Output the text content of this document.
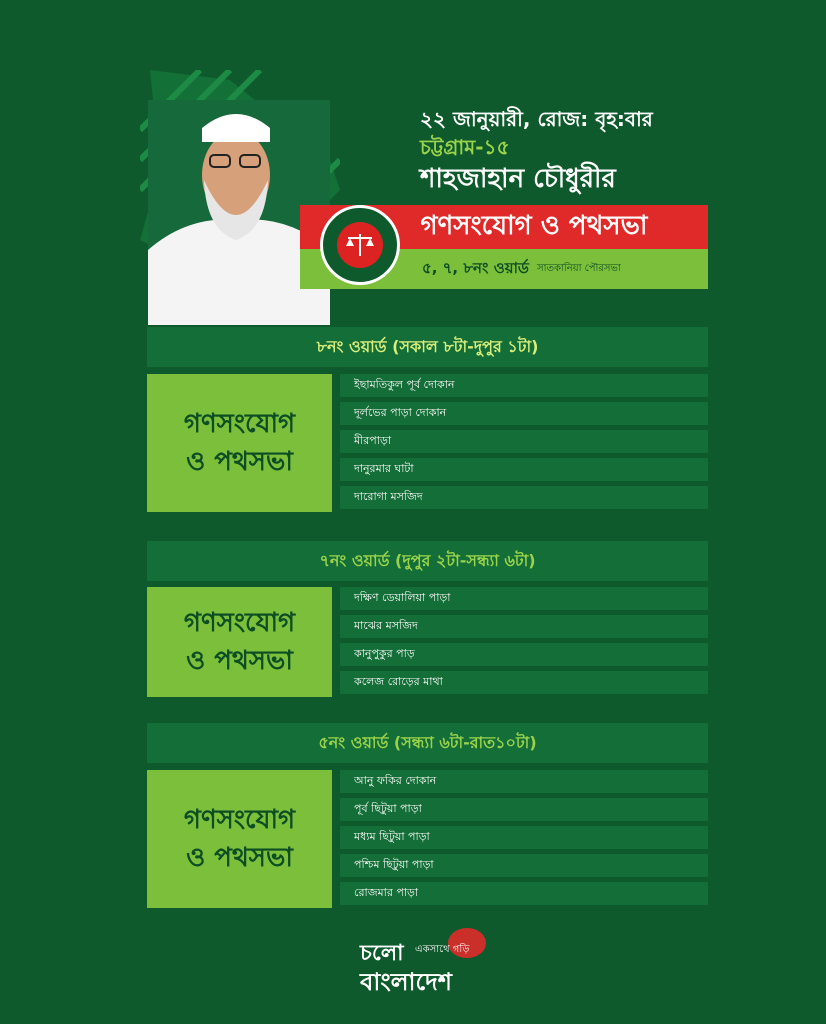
২২ জানুয়ারী, রোজ: বৃহ:বার

চট্টগ্রাম-১৫

শাহজাহান চৌধুরীর

গণসংযোগ ও পথসভা
৫, ৭, ৮নং ওয়ার্ড সাতকানিয়া পৌরসভা
৮নং ওয়ার্ড (সকাল ৮টা-দুপুর ১টা)
গণসংযোগ
ও পথসভা
ইছামতিকুল পূর্ব দোকান
দূর্লভের পাড়া দোকান
মীরপাড়া
দানুরমার ঘাটা
দারোগা মসজিদ
৭নং ওয়ার্ড (দুপুর ২টা-সন্ধ্যা ৬টা)
গণসংযোগ
ও পথসভা
দক্ষিণ ডেয়ালিয়া পাড়া
মাঝের মসজিদ
কানুপুকুর পাড়
কলেজ রোড়ের মাথা
৫নং ওয়ার্ড (সন্ধ্যা ৬টা-রাত১০টা)
গণসংযোগ
ও পথসভা
আনু ফকির দোকান
পূর্ব ছিটুয়া পাড়া
মধ্যম ছিটুয়া পাড়া
পশ্চিম ছিটুয়া পাড়া
রোজমার পাড়া
চলো একসাথে গড়ি
বাংলাদেশ
